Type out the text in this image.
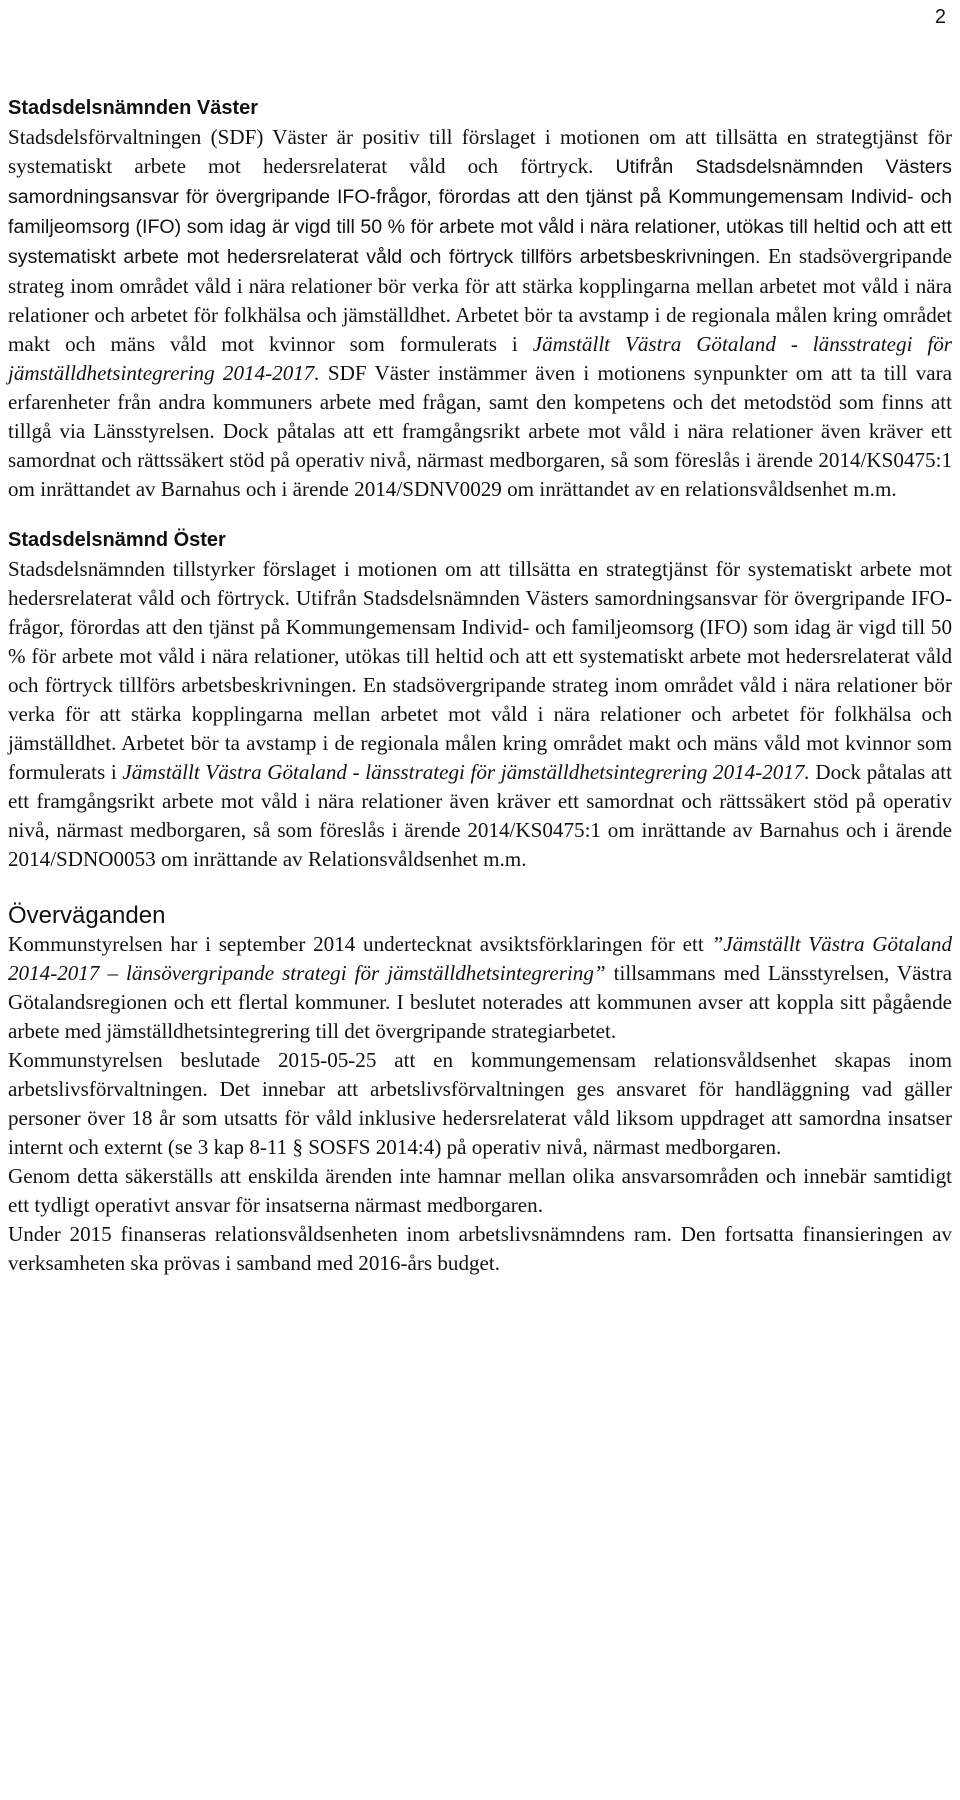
2
Stadsdelsnämnden Väster

Stadsdelsförvaltningen (SDF) Väster är positiv till förslaget i motionen om att tillsätta en strategtjänst för systematiskt arbete mot hedersrelaterat våld och förtryck. Utifrån Stadsdelsnämnden Västers samordningsansvar för övergripande IFO-frågor, förordas att den tjänst på Kommungemensam Individ- och familjeomsorg (IFO) som idag är vigd till 50 % för arbete mot våld i nära relationer, utökas till heltid och att ett systematiskt arbete mot hedersrelaterat våld och förtryck tillförs arbetsbeskrivningen. En stadsövergripande strateg inom området våld i nära relationer bör verka för att stärka kopplingarna mellan arbetet mot våld i nära relationer och arbetet för folkhälsa och jämställdhet. Arbetet bör ta avstamp i de regionala målen kring området makt och mäns våld mot kvinnor som formulerats i Jämställt Västra Götaland - länsstrategi för jämställdhetsintegrering 2014-2017. SDF Väster instämmer även i motionens synpunkter om att ta till vara erfarenheter från andra kommuners arbete med frågan, samt den kompetens och det metodstöd som finns att tillgå via Länsstyrelsen. Dock påtalas att ett framgångsrikt arbete mot våld i nära relationer även kräver ett samordnat och rättssäkert stöd på operativ nivå, närmast medborgaren, så som föreslås i ärende 2014/KS0475:1 om inrättandet av Barnahus och i ärende 2014/SDNV0029 om inrättandet av en relationsvåldsenhet m.m.

Stadsdelsnämnd Öster

Stadsdelsnämnden tillstyrker förslaget i motionen om att tillsätta en strategtjänst för systematiskt arbete mot hedersrelaterat våld och förtryck. Utifrån Stadsdelsnämnden Västers samordningsansvar för övergripande IFO-frågor, förordas att den tjänst på Kommungemensam Individ- och familjeomsorg (IFO) som idag är vigd till 50 % för arbete mot våld i nära relationer, utökas till heltid och att ett systematiskt arbete mot hedersrelaterat våld och förtryck tillförs arbetsbeskrivningen. En stadsövergripande strateg inom området våld i nära relationer bör verka för att stärka kopplingarna mellan arbetet mot våld i nära relationer och arbetet för folkhälsa och jämställdhet. Arbetet bör ta avstamp i de regionala målen kring området makt och mäns våld mot kvinnor som formulerats i Jämställt Västra Götaland - länsstrategi för jämställdhetsintegrering 2014-2017. Dock påtalas att ett framgångsrikt arbete mot våld i nära relationer även kräver ett samordnat och rättssäkert stöd på operativ nivå, närmast medborgaren, så som föreslås i ärende 2014/KS0475:1 om inrättande av Barnahus och i ärende 2014/SDNO0053 om inrättande av Relationsvåldsenhet m.m.

Överväganden

Kommunstyrelsen har i september 2014 undertecknat avsiktsförklaringen för ett ”Jämställt Västra Götaland 2014-2017 – länsövergripande strategi för jämställdhetsintegrering” tillsammans med Länsstyrelsen, Västra Götalandsregionen och ett flertal kommuner. I beslutet noterades att kommunen avser att koppla sitt pågående arbete med jämställdhetsintegrering till det övergripande strategiarbetet.

Kommunstyrelsen beslutade 2015-05-25 att en kommungemensam relationsvåldsenhet skapas inom arbetslivsförvaltningen. Det innebar att arbetslivsförvaltningen ges ansvaret för handläggning vad gäller personer över 18 år som utsatts för våld inklusive hedersrelaterat våld liksom uppdraget att samordna insatser internt och externt (se 3 kap 8-11 § SOSFS 2014:4) på operativ nivå, närmast medborgaren.

Genom detta säkerställs att enskilda ärenden inte hamnar mellan olika ansvarsområden och innebär samtidigt ett tydligt operativt ansvar för insatserna närmast medborgaren.

Under 2015 finanseras relationsvåldsenheten inom arbetslivsnämndens ram. Den fortsatta finansieringen av verksamheten ska prövas i samband med 2016-års budget.
